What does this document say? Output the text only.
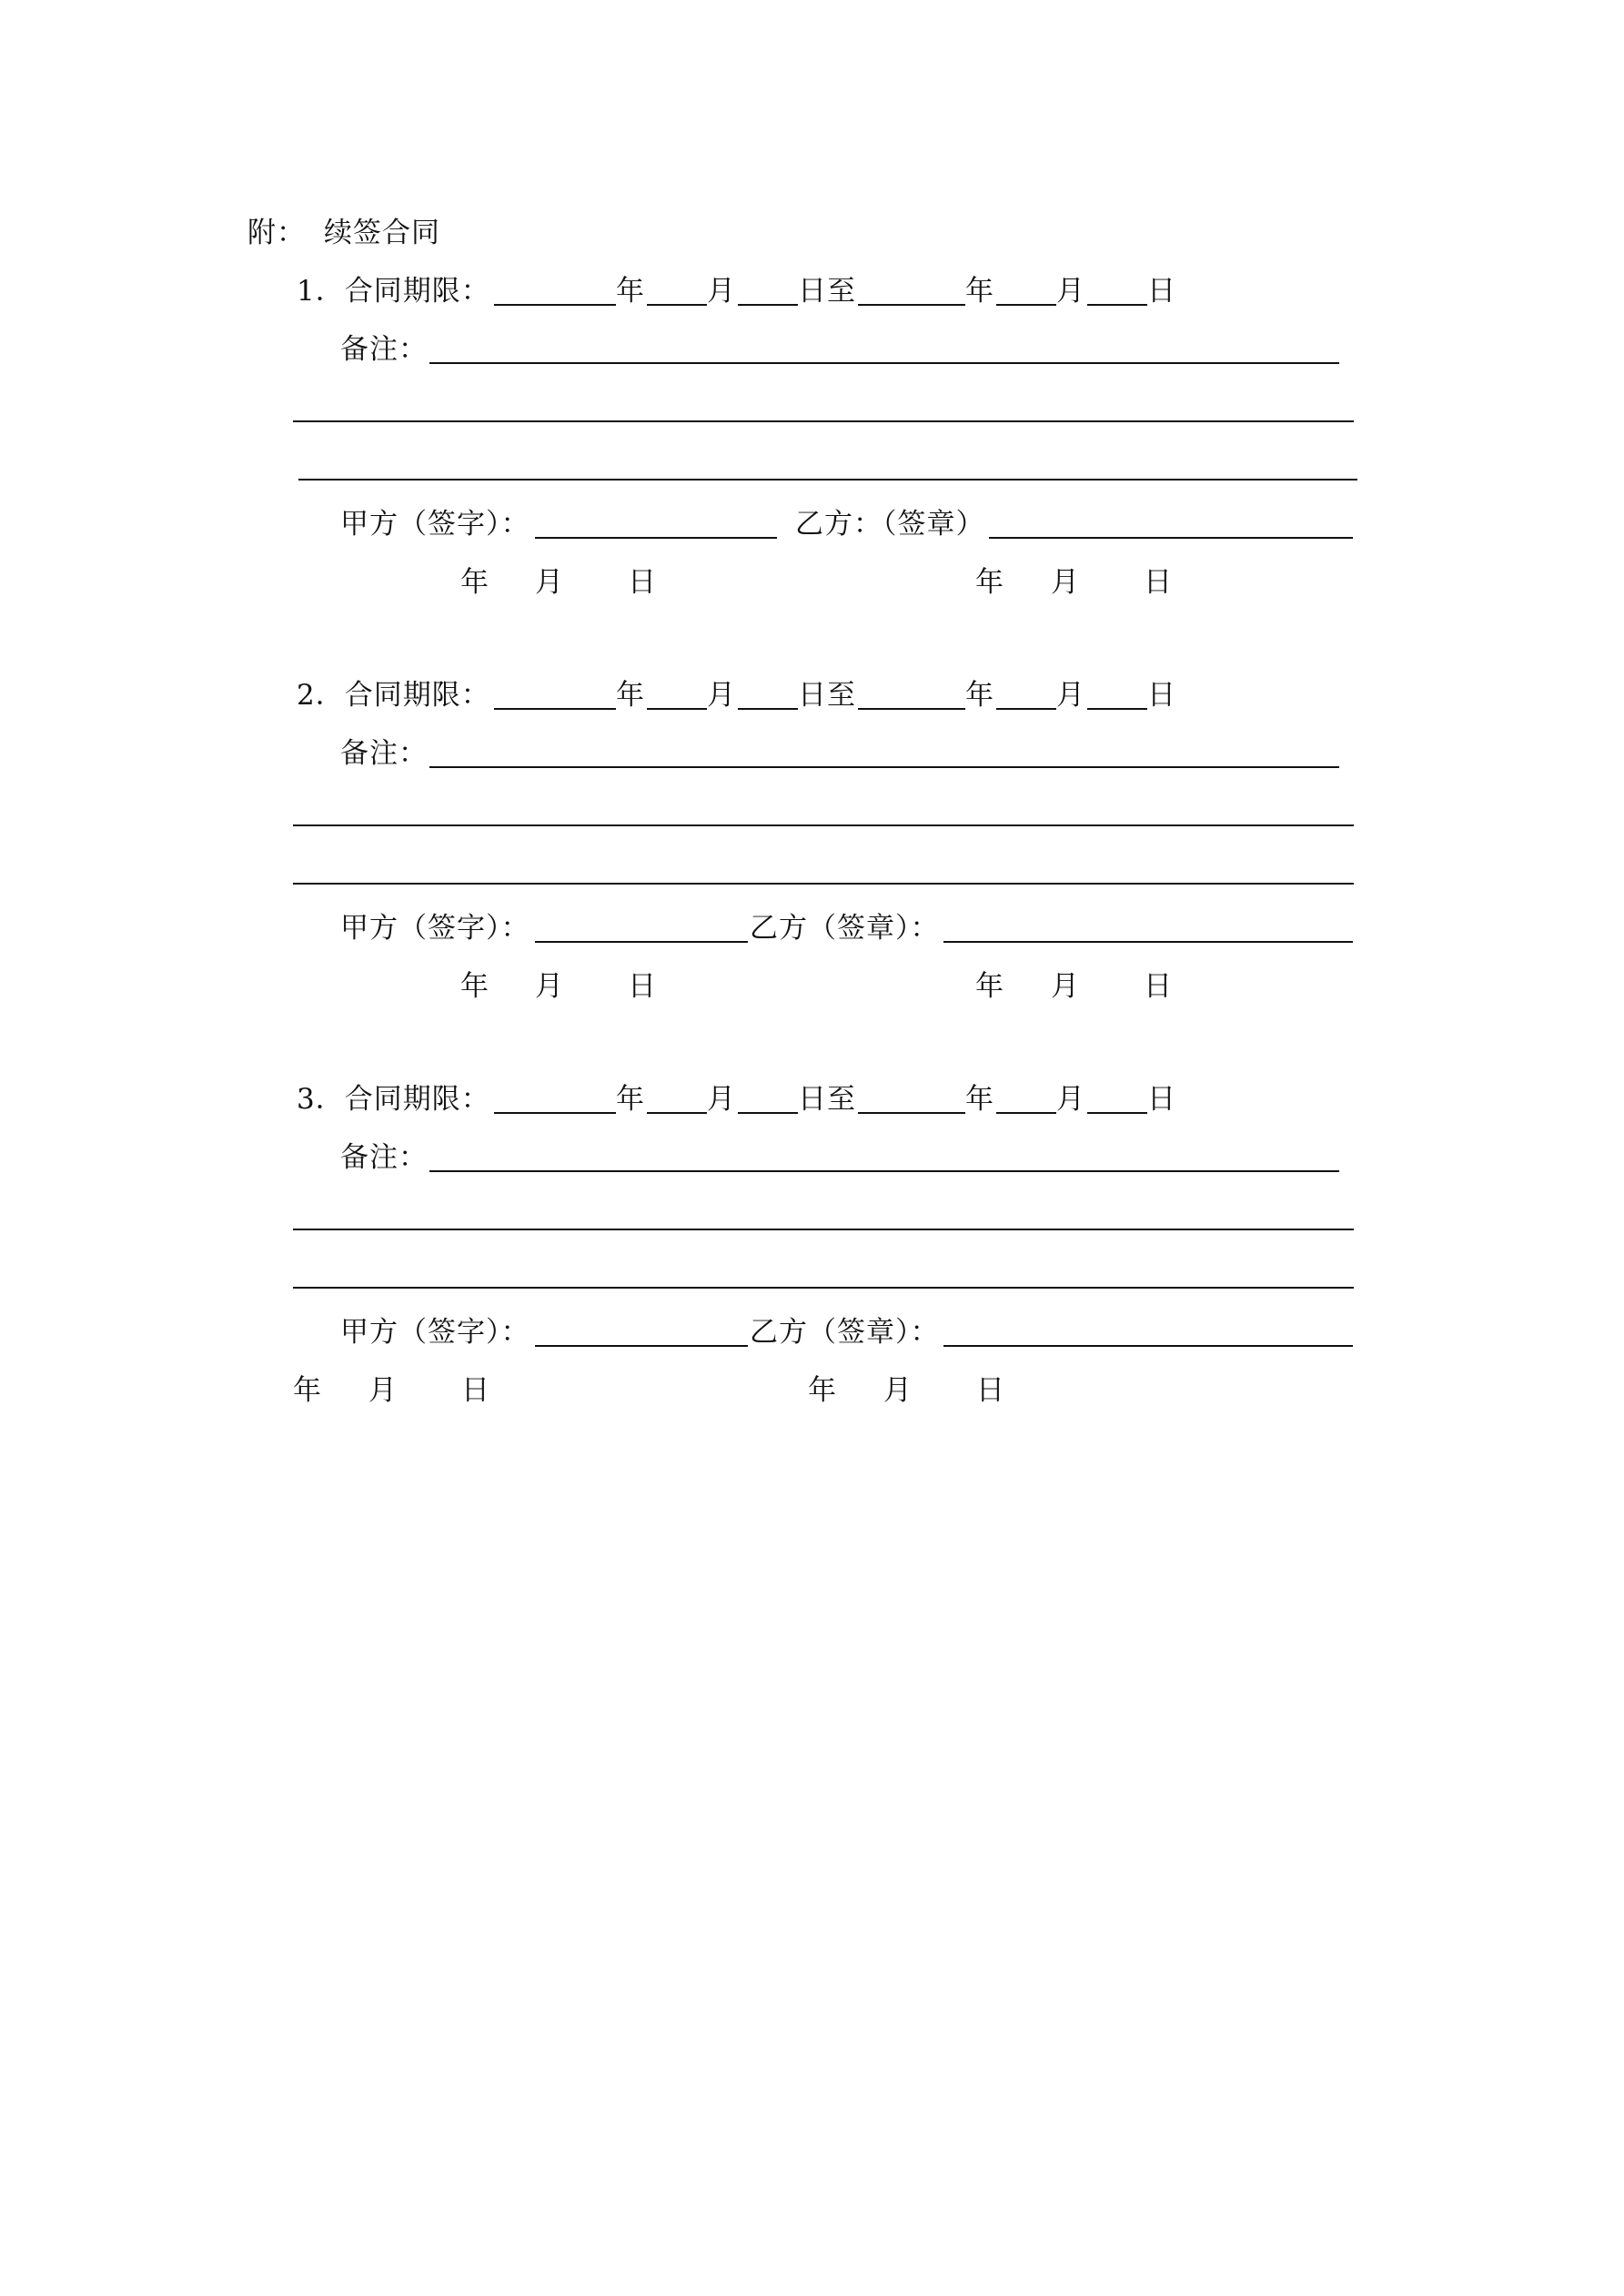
附： 续签合同
1．合同期限：	年 月 日至	年 月 日
备注：
甲方（签字）：	乙方：（签章）
年 月 日	年 月 日
2．合同期限：	年 月 日至	年 月 日
备注：
甲方（签字）：	乙方（签章）：
年 月 日	年 月 日
3．合同期限：	年 月 日至	年 月 日
备注：
甲方（签字）：	乙方（签章）：
年 月 日	年 月 日
